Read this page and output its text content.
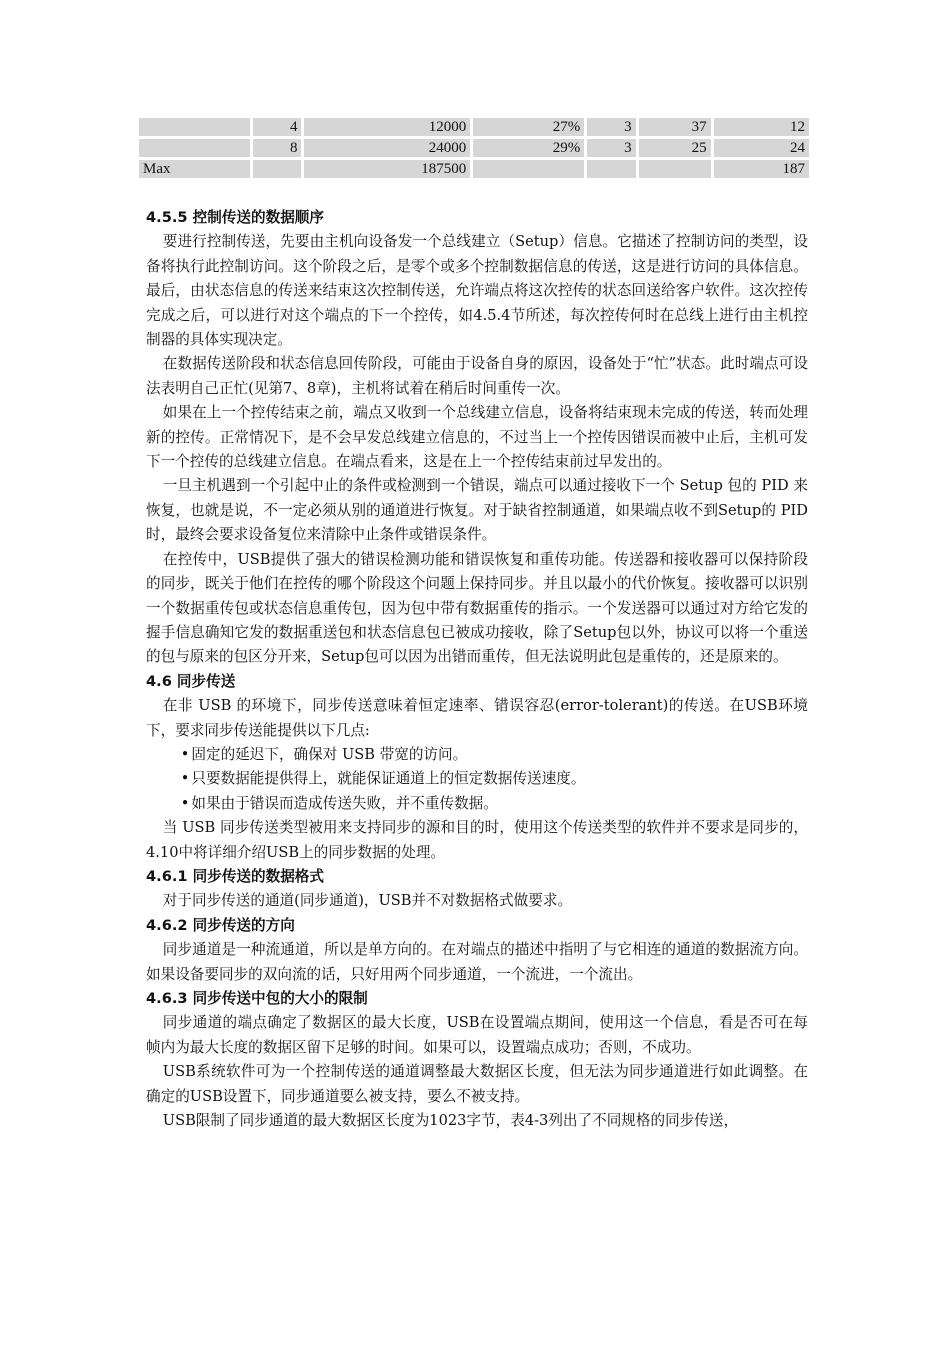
	4	12000	27%	3	37	12
	8	24000	29%	3	25	24
Max		187500				187
4.5.5 控制传送的数据顺序

要进行控制传送，先要由主机向设备发一个总线建立（Setup）信息。它描述了控制访问的类型，设备将执行此控制访问。这个阶段之后，是零个或多个控制数据信息的传送，这是进行访问的具体信息。最后，由状态信息的传送来结束这次控制传送，允许端点将这次控传的状态回送给客户软件。这次控传完成之后，可以进行对这个端点的下一个控传，如4.5.4节所述，每次控传何时在总线上进行由主机控制器的具体实现决定。

在数据传送阶段和状态信息回传阶段，可能由于设备自身的原因，设备处于“忙”状态。此时端点可设法表明自己正忙(见第7、8章)，主机将试着在稍后时间重传一次。

如果在上一个控传结束之前，端点又收到一个总线建立信息，设备将结束现未完成的传送，转而处理新的控传。正常情况下，是不会早发总线建立信息的，不过当上一个控传因错误而被中止后，主机可发下一个控传的总线建立信息。在端点看来，这是在上一个控传结束前过早发出的。

一旦主机遇到一个引起中止的条件或检测到一个错误，端点可以通过接收下一个 Setup 包的 PID 来恢复，也就是说，不一定必须从别的通道进行恢复。对于缺省控制通道，如果端点收不到Setup的 PID时，最终会要求设备复位来清除中止条件或错误条件。

在控传中，USB提供了强大的错误检测功能和错误恢复和重传功能。传送器和接收器可以保持阶段的同步，既关于他们在控传的哪个阶段这个问题上保持同步。并且以最小的代价恢复。接收器可以识别一个数据重传包或状态信息重传包，因为包中带有数据重传的指示。一个发送器可以通过对方给它发的握手信息确知它发的数据重送包和状态信息包已被成功接收，除了Setup包以外，协议可以将一个重送的包与原来的包区分开来，Setup包可以因为出错而重传，但无法说明此包是重传的，还是原来的。

4.6 同步传送

在非 USB 的环境下，同步传送意味着恒定速率、错误容忍(error-tolerant)的传送。在USB环境下，要求同步传送能提供以下几点:

• 固定的延迟下，确保对 USB 带宽的访问。

• 只要数据能提供得上，就能保证通道上的恒定数据传送速度。

• 如果由于错误而造成传送失败，并不重传数据。

当 USB 同步传送类型被用来支持同步的源和目的时，使用这个传送类型的软件并不要求是同步的，4.10中将详细介绍USB上的同步数据的处理。

4.6.1 同步传送的数据格式

对于同步传送的通道(同步通道)，USB并不对数据格式做要求。

4.6.2 同步传送的方向

同步通道是一种流通道，所以是单方向的。在对端点的描述中指明了与它相连的通道的数据流方向。如果设备要同步的双向流的话，只好用两个同步通道，一个流进，一个流出。

4.6.3 同步传送中包的大小的限制

同步通道的端点确定了数据区的最大长度，USB在设置端点期间，使用这一个信息，看是否可在每帧内为最大长度的数据区留下足够的时间。如果可以，设置端点成功；否则，不成功。

USB系统软件可为一个控制传送的通道调整最大数据区长度，但无法为同步通道进行如此调整。在确定的USB设置下，同步通道要么被支持，要么不被支持。

USB限制了同步通道的最大数据区长度为1023字节，表4-3列出了不同规格的同步传送，
